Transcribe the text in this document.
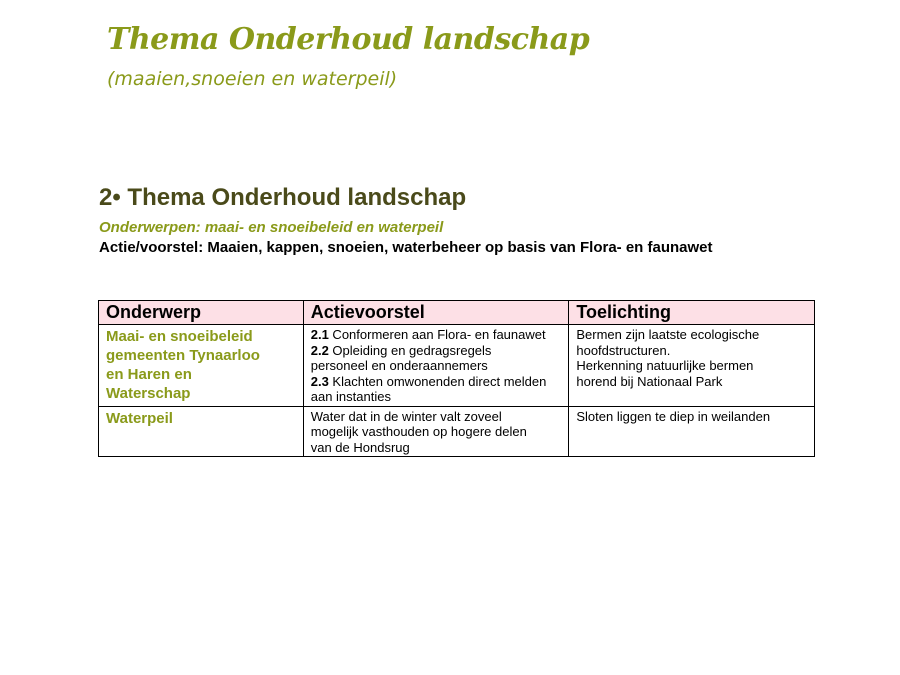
Thema Onderhoud landschap

(maaien,snoeien en waterpeil)

2• Thema Onderhoud landschap

Onderwerpen: maai- en snoeibeleid en waterpeil

Actie/voorstel: Maaien, kappen, snoeien, waterbeheer op basis van Flora- en faunawet

Onderwerp	Actievoorstel	Toelichting

Maai- en snoeibeleid
gemeenten Tynaarloo
en Haren en
Waterschap	2.1 Conformeren aan Flora- en faunawet
2.2 Opleiding en gedragsregels
personeel en onderaannemers
2.3 Klachten omwonenden direct melden
aan instanties	Bermen zijn laatste ecologische
hoofdstructuren.
Herkenning natuurlijke bermen
horend bij Nationaal Park

Waterpeil	Water dat in de winter valt zoveel
mogelijk vasthouden op hogere delen
van de Hondsrug	Sloten liggen te diep in weilanden
